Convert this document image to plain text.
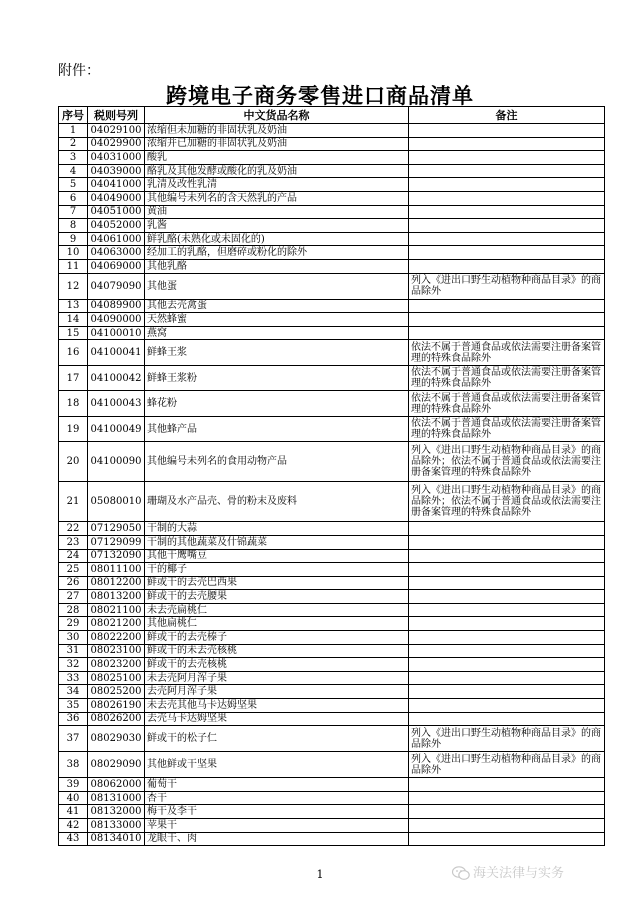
附件：
跨境电子商务零售进口商品清单
序号	税则号列	中文货品名称	备注
1	04029100	浓缩但未加糖的非固状乳及奶油	
2	04029900	浓缩并已加糖的非固状乳及奶油	
3	04031000	酸乳	
4	04039000	酪乳及其他发酵或酸化的乳及奶油	
5	04041000	乳清及改性乳清	
6	04049000	其他编号未列名的含天然乳的产品	
7	04051000	黄油	
8	04052000	乳酱	
9	04061000	鲜乳酪(未熟化或未固化的)	
10	04063000	经加工的乳酪，但磨碎或粉化的除外	
11	04069000	其他乳酪	
12	04079090	其他蛋	列入《进出口野生动植物种商品目录》的商品除外
13	04089900	其他去壳禽蛋	
14	04090000	天然蜂蜜	
15	04100010	燕窝	
16	04100041	鲜蜂王浆	依法不属于普通食品或依法需要注册备案管理的特殊食品除外
17	04100042	鲜蜂王浆粉	依法不属于普通食品或依法需要注册备案管理的特殊食品除外
18	04100043	蜂花粉	依法不属于普通食品或依法需要注册备案管理的特殊食品除外
19	04100049	其他蜂产品	依法不属于普通食品或依法需要注册备案管理的特殊食品除外
20	04100090	其他编号未列名的食用动物产品	列入《进出口野生动植物种商品目录》的商品除外；依法不属于普通食品或依法需要注册备案管理的特殊食品除外
21	05080010	珊瑚及水产品壳、骨的粉末及废料	列入《进出口野生动植物种商品目录》的商品除外；依法不属于普通食品或依法需要注册备案管理的特殊食品除外
22	07129050	干制的大蒜	
23	07129099	干制的其他蔬菜及什锦蔬菜	
24	07132090	其他干鹰嘴豆	
25	08011100	干的椰子	
26	08012200	鲜或干的去壳巴西果	
27	08013200	鲜或干的去壳腰果	
28	08021100	未去壳扁桃仁	
29	08021200	其他扁桃仁	
30	08022200	鲜或干的去壳榛子	
31	08023100	鲜或干的未去壳核桃	
32	08023200	鲜或干的去壳核桃	
33	08025100	未去壳阿月浑子果	
34	08025200	去壳阿月浑子果	
35	08026190	未去壳其他马卡达姆坚果	
36	08026200	去壳马卡达姆坚果	
37	08029030	鲜或干的松子仁	列入《进出口野生动植物种商品目录》的商品除外
38	08029090	其他鲜或干坚果	列入《进出口野生动植物种商品目录》的商品除外
39	08062000	葡萄干	
40	08131000	杏干	
41	08132000	梅干及李干	
42	08133000	苹果干	
43	08134010	龙眼干、肉	
1	海关法律与实务
